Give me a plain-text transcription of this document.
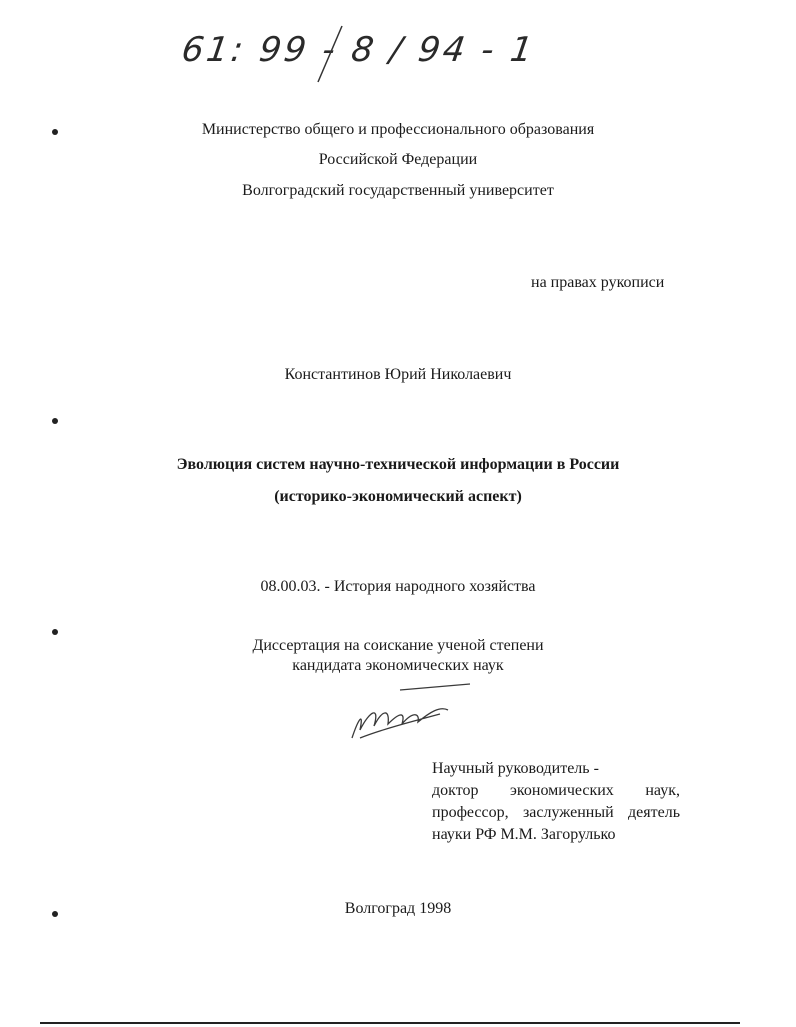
61: 99 - 8 / 94 - 1
Министерство общего и профессионального образования
Российской Федерации
Волгоградский государственный университет
на правах рукописи
Константинов Юрий Николаевич
Эволюция систем научно-технической информации в России
(историко-экономический аспект)
08.00.03. - История народного хозяйства
Диссертация на соискание ученой степени
кандидата экономических наук
Научный руководитель -
доктор экономических наук,
профессор, заслуженный деятель
науки РФ М.М. Загорулько
Волгоград 1998
